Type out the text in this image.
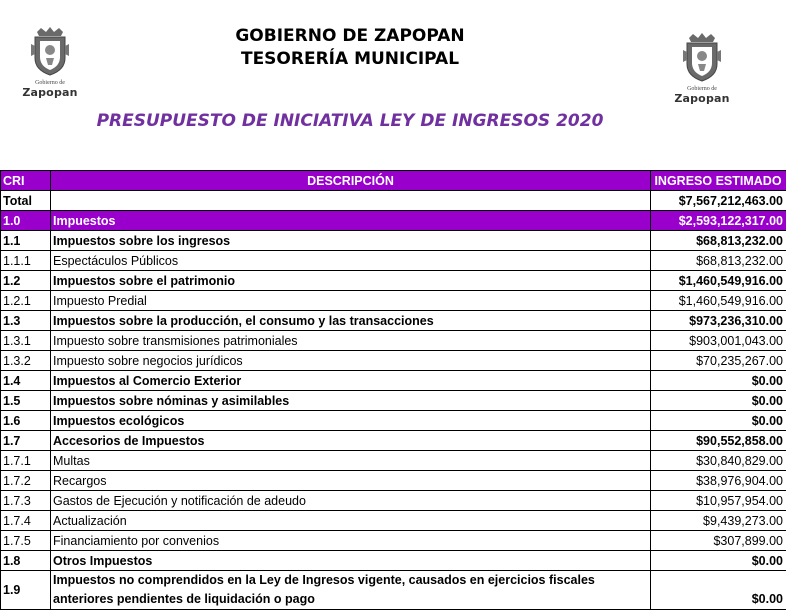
Gobierno de
Zapopan
GOBIERNO DE ZAPOPAN
TESORERÍA MUNICIPAL
Gobierno de
Zapopan
PRESUPUESTO DE INICIATIVA LEY DE INGRESOS 2020
CRI	DESCRIPCIÓN	INGRESO ESTIMADO
Total		$7,567,212,463.00
1.0	Impuestos	$2,593,122,317.00
1.1	Impuestos sobre los ingresos	$68,813,232.00
1.1.1	Espectáculos Públicos	$68,813,232.00
1.2	Impuestos sobre el patrimonio	$1,460,549,916.00
1.2.1	Impuesto Predial	$1,460,549,916.00
1.3	Impuestos sobre la producción, el consumo y las transacciones	$973,236,310.00
1.3.1	Impuesto sobre transmisiones patrimoniales	$903,001,043.00
1.3.2	Impuesto sobre negocios jurídicos	$70,235,267.00
1.4	Impuestos al Comercio Exterior	$0.00
1.5	Impuestos sobre nóminas y asimilables	$0.00
1.6	Impuestos ecológicos	$0.00
1.7	Accesorios de Impuestos	$90,552,858.00
1.7.1	Multas	$30,840,829.00
1.7.2	Recargos	$38,976,904.00
1.7.3	Gastos de Ejecución y notificación de adeudo	$10,957,954.00
1.7.4	Actualización	$9,439,273.00
1.7.5	Financiamiento por convenios	$307,899.00
1.8	Otros Impuestos	$0.00
1.9	Impuestos no comprendidos en la Ley de Ingresos vigente, causados en ejercicios fiscales anteriores pendientes de liquidación o pago	$0.00
